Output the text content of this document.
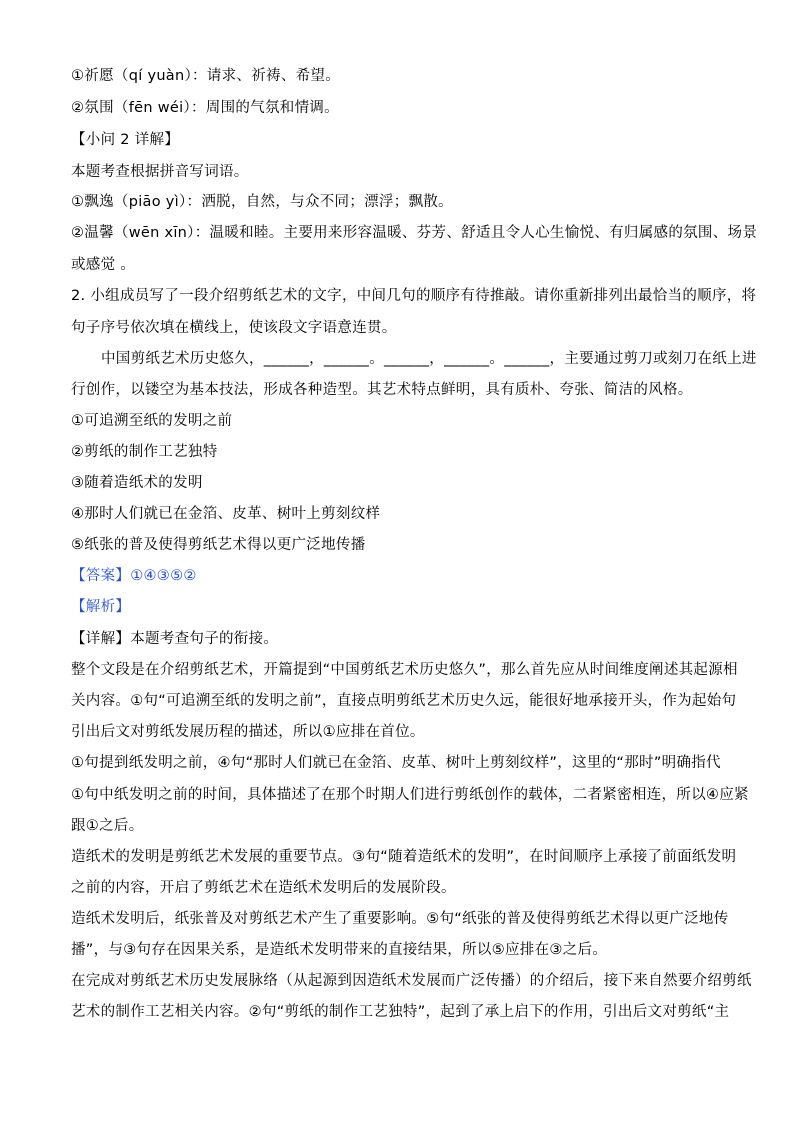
①祈愿（qí yuàn）：请求、祈祷、希望。
②氛围（fēn wéi）：周围的气氛和情调。
【小问 2 详解】
本题考查根据拼音写词语。
①飘逸（piāo yì）：洒脱，自然，与众不同；漂浮；飘散。
②温馨（wēn xīn）：温暖和睦。主要用来形容温暖、芬芳、舒适且令人心生愉悦、有归属感的氛围、场景
或感觉 。
2. 小组成员写了一段介绍剪纸艺术的文字，中间几句的顺序有待推敲。请你重新排列出最恰当的顺序，将
句子序号依次填在横线上，使该段文字语意连贯。
中国剪纸艺术历史悠久，______，______。______，______。______，主要通过剪刀或刻刀在纸上进
行创作，以镂空为基本技法，形成各种造型。其艺术特点鲜明，具有质朴、夸张、简洁的风格。
①可追溯至纸的发明之前
②剪纸的制作工艺独特
③随着造纸术的发明
④那时人们就已在金箔、皮革、树叶上剪刻纹样
⑤纸张的普及使得剪纸艺术得以更广泛地传播
【答案】①④③⑤②
【解析】
【详解】本题考查句子的衔接。
整个文段是在介绍剪纸艺术，开篇提到“中国剪纸艺术历史悠久”，那么首先应从时间维度阐述其起源相
关内容。①句“可追溯至纸的发明之前”，直接点明剪纸艺术历史久远，能很好地承接开头，作为起始句
引出后文对剪纸发展历程的描述，所以①应排在首位。
①句提到纸发明之前，④句“那时人们就已在金箔、皮革、树叶上剪刻纹样”，这里的“那时”明确指代
①句中纸发明之前的时间，具体描述了在那个时期人们进行剪纸创作的载体，二者紧密相连，所以④应紧
跟①之后。
造纸术的发明是剪纸艺术发展的重要节点。③句“随着造纸术的发明”，在时间顺序上承接了前面纸发明
之前的内容，开启了剪纸艺术在造纸术发明后的发展阶段。
造纸术发明后，纸张普及对剪纸艺术产生了重要影响。⑤句“纸张的普及使得剪纸艺术得以更广泛地传
播”，与③句存在因果关系，是造纸术发明带来的直接结果，所以⑤应排在③之后。
在完成对剪纸艺术历史发展脉络（从起源到因造纸术发展而广泛传播）的介绍后，接下来自然要介绍剪纸
艺术的制作工艺相关内容。②句“剪纸的制作工艺独特”，起到了承上启下的作用，引出后文对剪纸“主
